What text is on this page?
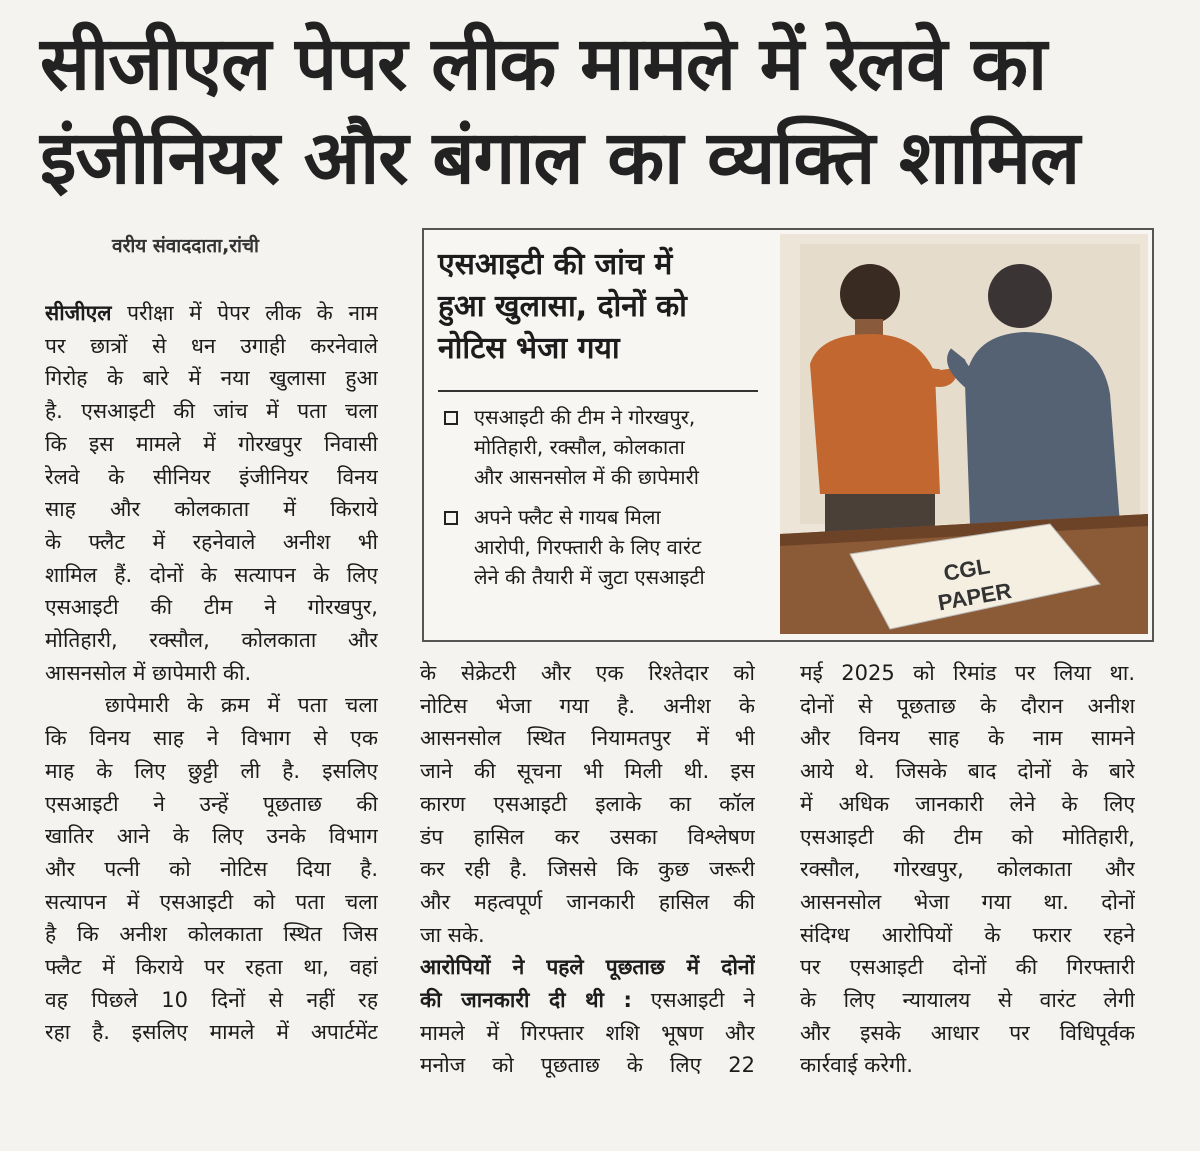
सीजीएल पेपर लीक मामले में रेलवे का
इंजीनियर और बंगाल का व्यक्ति शामिल
वरीय संवाददाता,रांची
एसआइटी की जांच में
हुआ खुलासा, दोनों को
नोटिस भेजा गया
एसआइटी की टीम ने गोरखपुर,
मोतिहारी, रक्सौल, कोलकाता
और आसनसोल में की छापेमारी
अपने फ्लैट से गायब मिला
आरोपी, गिरफ्तारी के लिए वारंट
लेने की तैयारी में जुटा एसआइटी	CGL
PAPER
सीजीएल परीक्षा में पेपर लीक के नाम
पर छात्रों से धन उगाही करनेवाले
गिरोह के बारे में नया खुलासा हुआ
है. एसआइटी की जांच में पता चला
कि इस मामले में गोरखपुर निवासी
रेलवे के सीनियर इंजीनियर विनय
साह और कोलकाता में किराये
के फ्लैट में रहनेवाले अनीश भी
शामिल हैं. दोनों के सत्यापन के लिए
एसआइटी की टीम ने गोरखपुर,
मोतिहारी, रक्सौल, कोलकाता और
आसनसोल में छापेमारी की.
छापेमारी के क्रम में पता चला
कि विनय साह ने विभाग से एक
माह के लिए छुट्टी ली है. इसलिए
एसआइटी ने उन्हें पूछताछ की
खातिर आने के लिए उनके विभाग
और पत्नी को नोटिस दिया है.
सत्यापन में एसआइटी को पता चला
है कि अनीश कोलकाता स्थित जिस
फ्लैट में किराये पर रहता था, वहां
वह पिछले 10 दिनों से नहीं रह
रहा है. इसलिए मामले में अपार्टमेंट
के सेक्रेटरी और एक रिश्तेदार को
नोटिस भेजा गया है. अनीश के
आसनसोल स्थित नियामतपुर में भी
जाने की सूचना भी मिली थी. इस
कारण एसआइटी इलाके का कॉल
डंप हासिल कर उसका विश्लेषण
कर रही है. जिससे कि कुछ जरूरी
और महत्वपूर्ण जानकारी हासिल की
जा सके.
आरोपियों ने पहले पूछताछ में दोनों
की जानकारी दी थी : एसआइटी ने
मामले में गिरफ्तार शशि भूषण और
मनोज को पूछताछ के लिए 22
मई 2025 को रिमांड पर लिया था.
दोनों से पूछताछ के दौरान अनीश
और विनय साह के नाम सामने
आये थे. जिसके बाद दोनों के बारे
में अधिक जानकारी लेने के लिए
एसआइटी की टीम को मोतिहारी,
रक्सौल, गोरखपुर, कोलकाता और
आसनसोल भेजा गया था. दोनों
संदिग्ध आरोपियों के फरार रहने
पर एसआइटी दोनों की गिरफ्तारी
के लिए न्यायालय से वारंट लेगी
और इसके आधार पर विधिपूर्वक
कार्रवाई करेगी.
